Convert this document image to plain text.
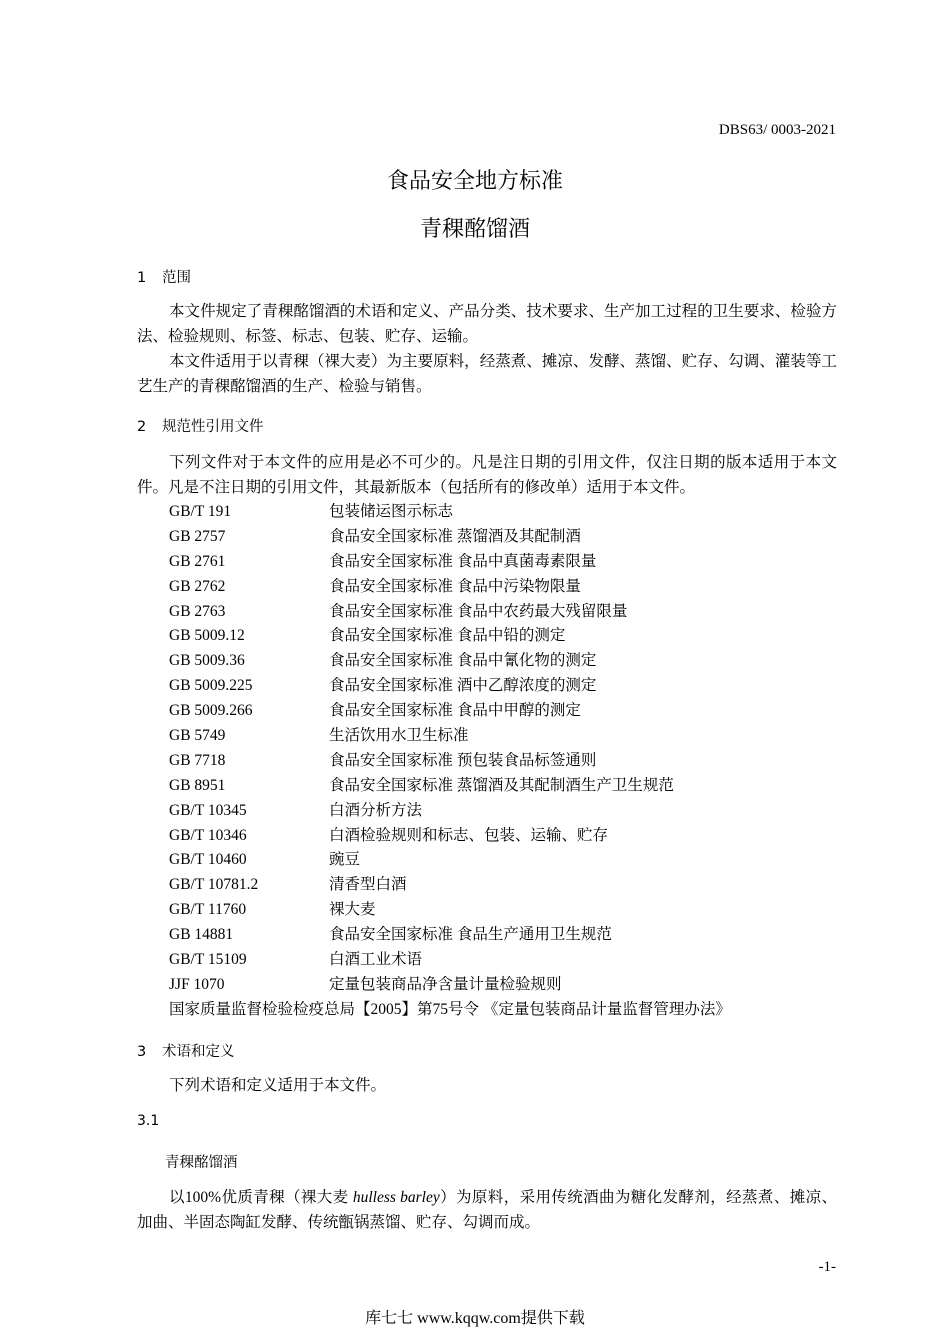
DBS63/ 0003-2021
食品安全地方标准
青稞酩馏酒
1 范围
本文件规定了青稞酩馏酒的术语和定义、产品分类、技术要求、生产加工过程的卫生要求、检验方法、检验规则、标签、标志、包装、贮存、运输。
本文件适用于以青稞（裸大麦）为主要原料，经蒸煮、摊凉、发酵、蒸馏、贮存、勾调、灌装等工艺生产的青稞酩馏酒的生产、检验与销售。
2 规范性引用文件
下列文件对于本文件的应用是必不可少的。凡是注日期的引用文件，仅注日期的版本适用于本文件。凡是不注日期的引用文件，其最新版本（包括所有的修改单）适用于本文件。
GB/T 191	包装储运图示标志
GB 2757	食品安全国家标准 蒸馏酒及其配制酒
GB 2761	食品安全国家标准 食品中真菌毒素限量
GB 2762	食品安全国家标准 食品中污染物限量
GB 2763	食品安全国家标准 食品中农药最大残留限量
GB 5009.12	食品安全国家标准 食品中铅的测定
GB 5009.36	食品安全国家标准 食品中氰化物的测定
GB 5009.225	食品安全国家标准 酒中乙醇浓度的测定
GB 5009.266	食品安全国家标准 食品中甲醇的测定
GB 5749	生活饮用水卫生标准
GB 7718	食品安全国家标准 预包装食品标签通则
GB 8951	食品安全国家标准 蒸馏酒及其配制酒生产卫生规范
GB/T 10345	白酒分析方法
GB/T 10346	白酒检验规则和标志、包装、运输、贮存
GB/T 10460	豌豆
GB/T 10781.2	清香型白酒
GB/T 11760	裸大麦
GB 14881	食品安全国家标准 食品生产通用卫生规范
GB/T 15109	白酒工业术语
JJF 1070	定量包装商品净含量计量检验规则
国家质量监督检验检疫总局【2005】第75号令 《定量包装商品计量监督管理办法》
3 术语和定义
下列术语和定义适用于本文件。
3.1
青稞酩馏酒
以100%优质青稞（裸大麦 hulless barley）为原料，采用传统酒曲为糖化发酵剂，经蒸煮、摊凉、加曲、半固态陶缸发酵、传统甑锅蒸馏、贮存、勾调而成。
-1-
库七七 www.kqqw.com提供下载
